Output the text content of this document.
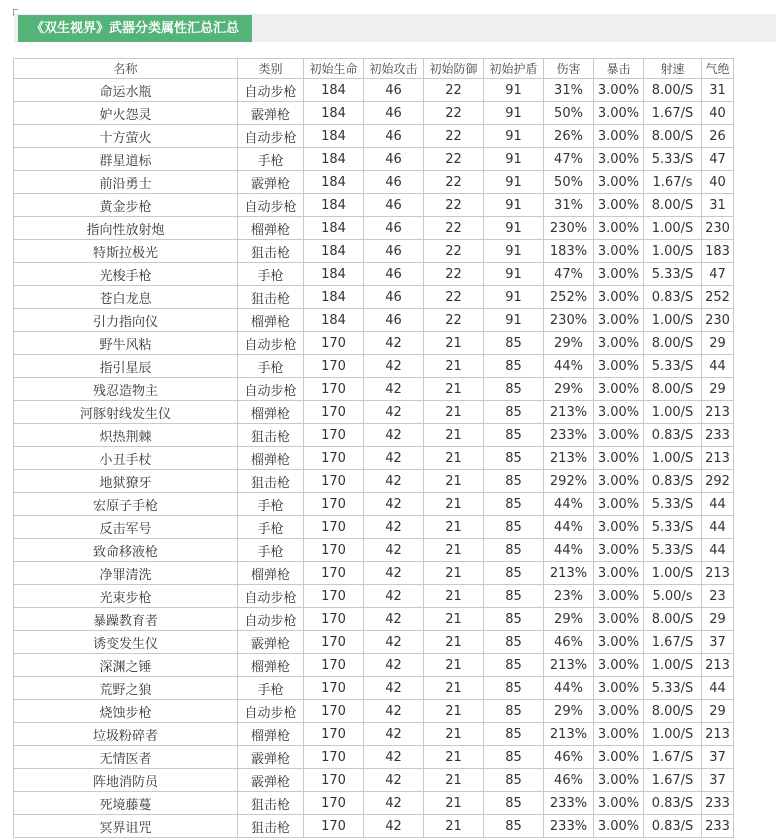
《双生视界》武器分类属性汇总汇总
名称	类别	初始生命	初始攻击	初始防御	初始护盾	伤害	暴击	射速	气绝
命运水瓶	自动步枪	184	46	22	91	31%	3.00%	8.00/S	31
妒火怨灵	霰弹枪	184	46	22	91	50%	3.00%	1.67/S	40
十方萤火	自动步枪	184	46	22	91	26%	3.00%	8.00/S	26
群星道标	手枪	184	46	22	91	47%	3.00%	5.33/S	47
前沿勇士	霰弹枪	184	46	22	91	50%	3.00%	1.67/s	40
黄金步枪	自动步枪	184	46	22	91	31%	3.00%	8.00/S	31
指向性放射炮	榴弹枪	184	46	22	91	230%	3.00%	1.00/S	230
特斯拉极光	狙击枪	184	46	22	91	183%	3.00%	1.00/S	183
光梭手枪	手枪	184	46	22	91	47%	3.00%	5.33/S	47
苍白龙息	狙击枪	184	46	22	91	252%	3.00%	0.83/S	252
引力指向仪	榴弹枪	184	46	22	91	230%	3.00%	1.00/S	230
野牛风粘	自动步枪	170	42	21	85	29%	3.00%	8.00/S	29
指引星辰	手枪	170	42	21	85	44%	3.00%	5.33/S	44
残忍造物主	自动步枪	170	42	21	85	29%	3.00%	8.00/S	29
河豚射线发生仪	榴弹枪	170	42	21	85	213%	3.00%	1.00/S	213
炽热荆棘	狙击枪	170	42	21	85	233%	3.00%	0.83/S	233
小丑手杖	榴弹枪	170	42	21	85	213%	3.00%	1.00/S	213
地狱獠牙	狙击枪	170	42	21	85	292%	3.00%	0.83/S	292
宏原子手枪	手枪	170	42	21	85	44%	3.00%	5.33/S	44
反击军号	手枪	170	42	21	85	44%	3.00%	5.33/S	44
致命移液枪	手枪	170	42	21	85	44%	3.00%	5.33/S	44
净罪清洗	榴弹枪	170	42	21	85	213%	3.00%	1.00/S	213
光束步枪	自动步枪	170	42	21	85	23%	3.00%	5.00/s	23
暴躁教育者	自动步枪	170	42	21	85	29%	3.00%	8.00/S	29
诱变发生仪	霰弹枪	170	42	21	85	46%	3.00%	1.67/S	37
深渊之锤	榴弹枪	170	42	21	85	213%	3.00%	1.00/S	213
荒野之狼	手枪	170	42	21	85	44%	3.00%	5.33/S	44
烧蚀步枪	自动步枪	170	42	21	85	29%	3.00%	8.00/S	29
垃圾粉碎者	榴弹枪	170	42	21	85	213%	3.00%	1.00/S	213
无情医者	霰弹枪	170	42	21	85	46%	3.00%	1.67/S	37
阵地消防员	霰弹枪	170	42	21	85	46%	3.00%	1.67/S	37
死境藤蔓	狙击枪	170	42	21	85	233%	3.00%	0.83/S	233
冥界诅咒	狙击枪	170	42	21	85	233%	3.00%	0.83/S	233
